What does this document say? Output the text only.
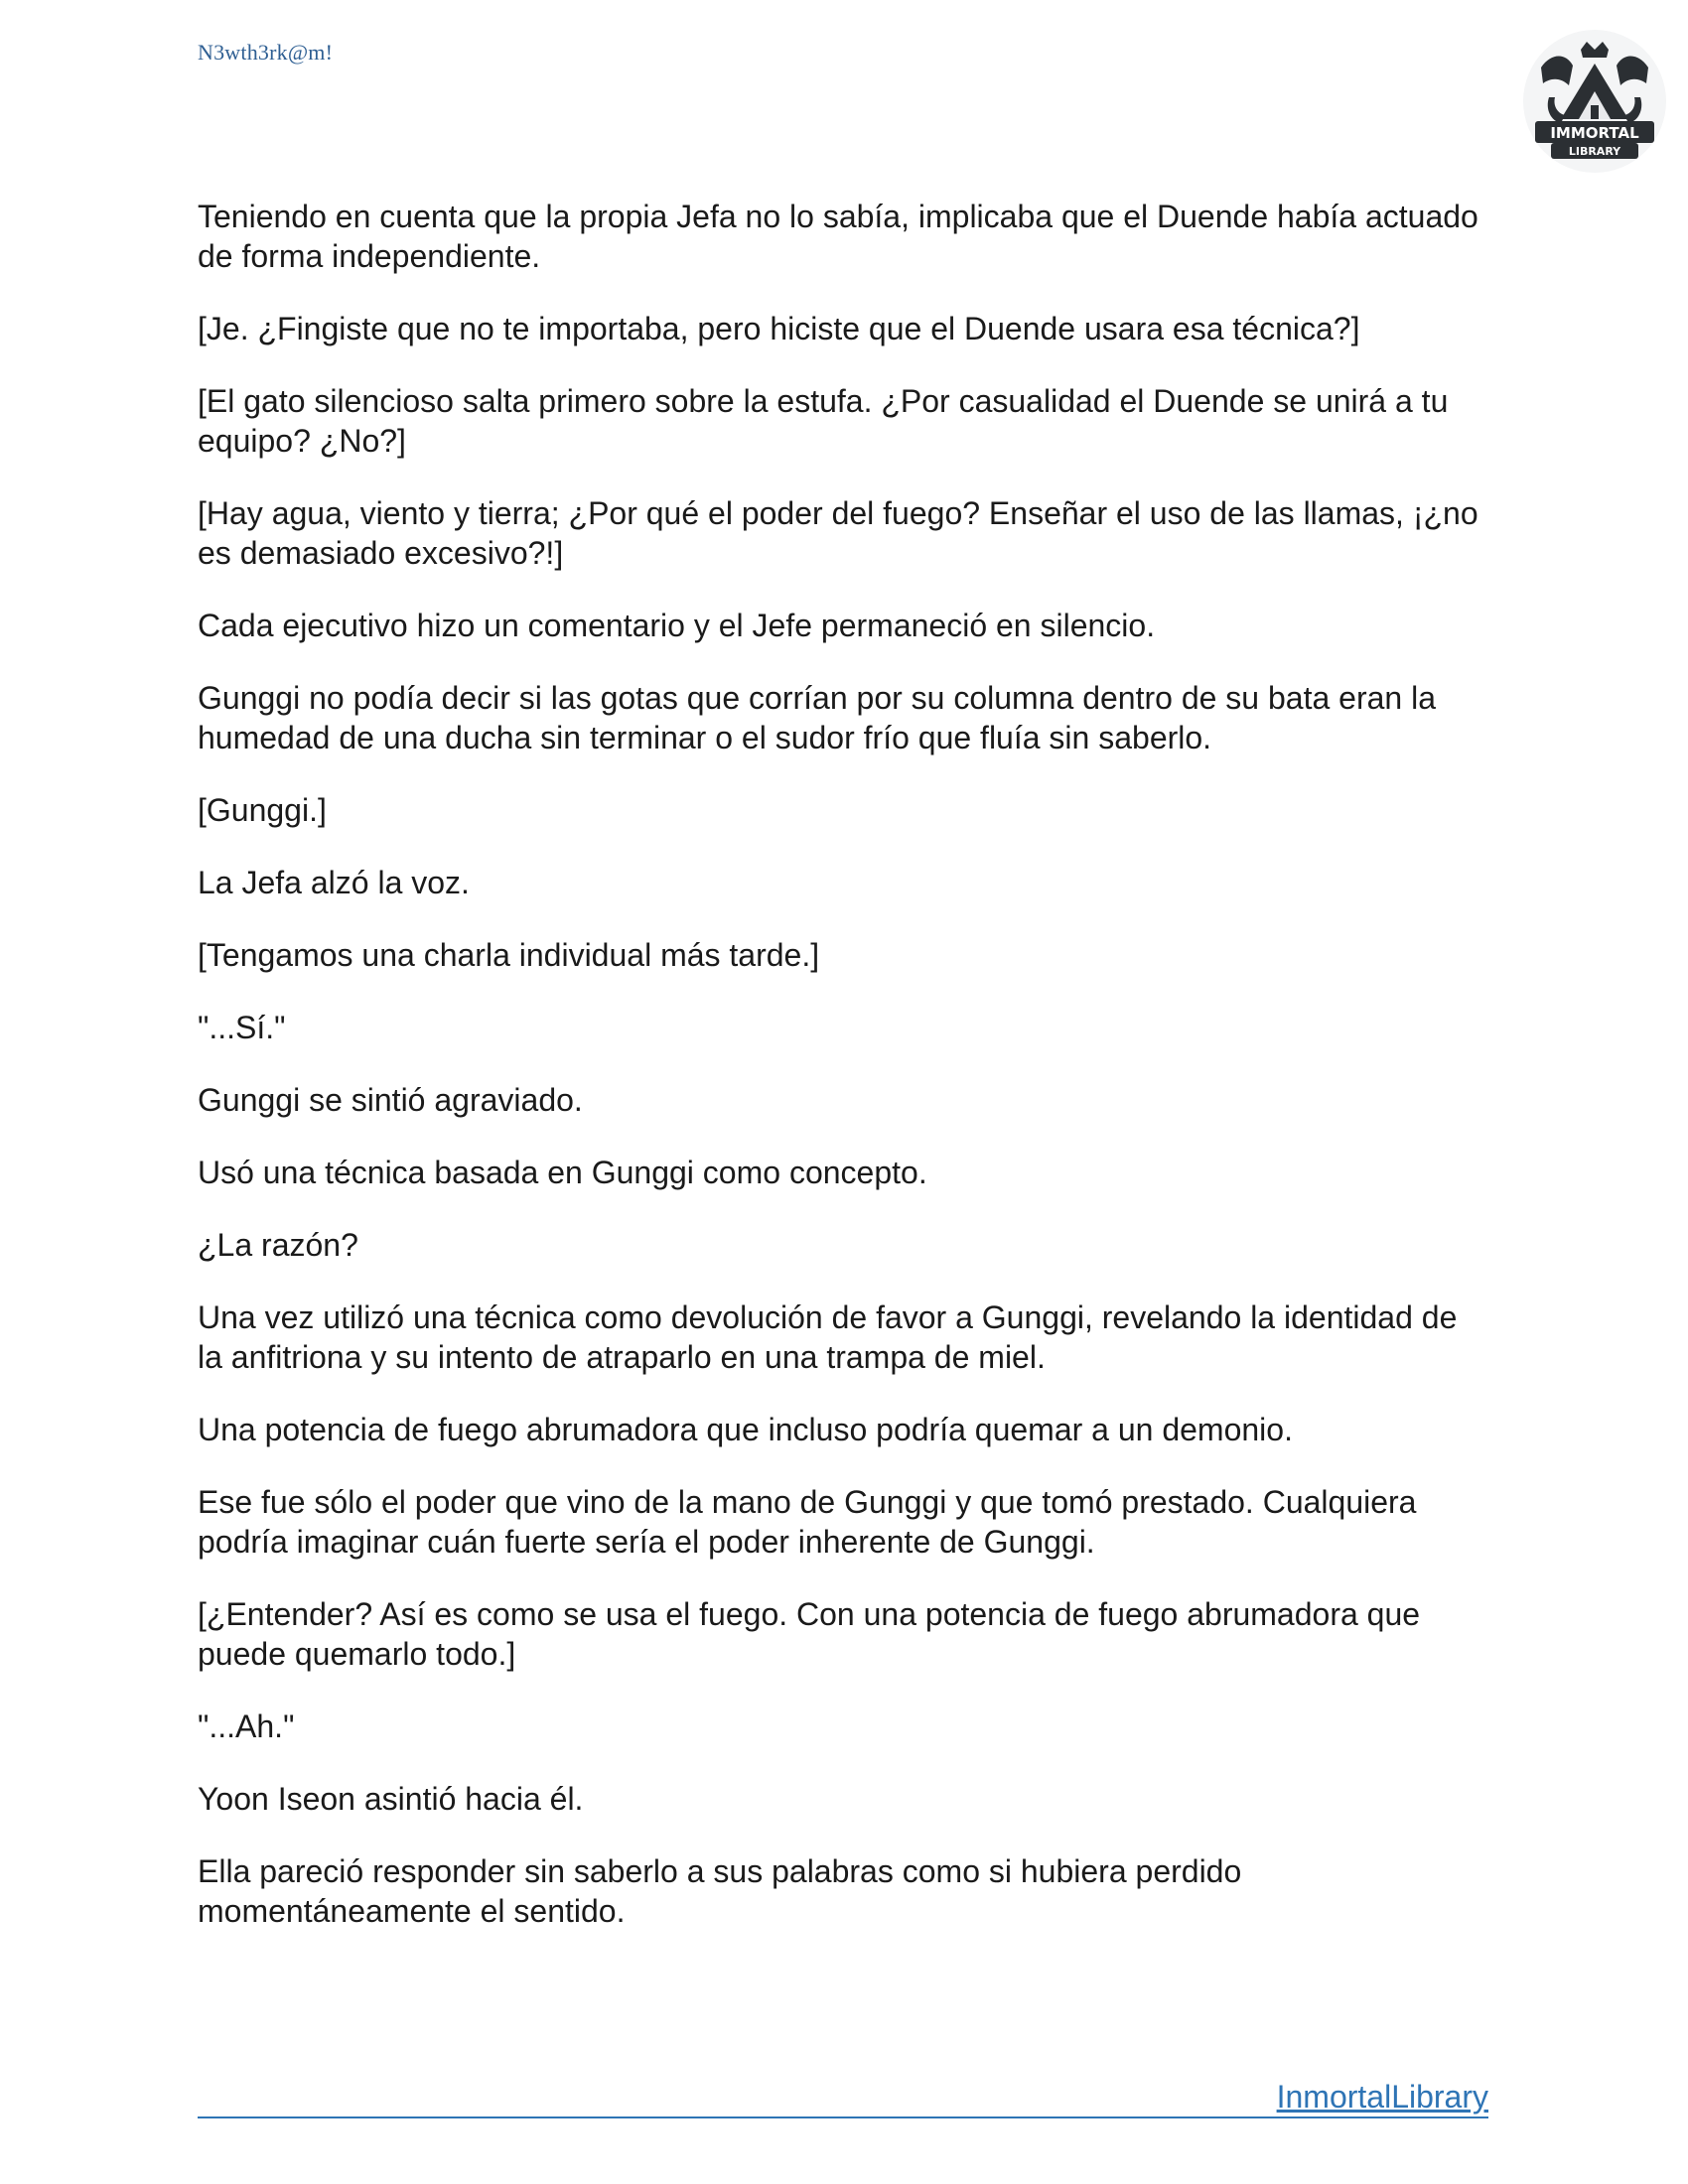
N3wth3rk@m!
IMMORTAL
LIBRARY

Teniendo en cuenta que la propia Jefa no lo sabía, implicaba que el Duende había actuado de forma independiente.

[Je. ¿Fingiste que no te importaba, pero hiciste que el Duende usara esa técnica?]

[El gato silencioso salta primero sobre la estufa. ¿Por casualidad el Duende se unirá a tu equipo? ¿No?]

[Hay agua, viento y tierra; ¿Por qué el poder del fuego? Enseñar el uso de las llamas, ¡¿no es demasiado excesivo?!]

Cada ejecutivo hizo un comentario y el Jefe permaneció en silencio.

Gunggi no podía decir si las gotas que corrían por su columna dentro de su bata eran la humedad de una ducha sin terminar o el sudor frío que fluía sin saberlo.

[Gunggi.]

La Jefa alzó la voz.

[Tengamos una charla individual más tarde.]

"...Sí."

Gunggi se sintió agraviado.

Usó una técnica basada en Gunggi como concepto.

¿La razón?

Una vez utilizó una técnica como devolución de favor a Gunggi, revelando la identidad de la anfitriona y su intento de atraparlo en una trampa de miel.

Una potencia de fuego abrumadora que incluso podría quemar a un demonio.

Ese fue sólo el poder que vino de la mano de Gunggi y que tomó prestado. Cualquiera podría imaginar cuán fuerte sería el poder inherente de Gunggi.

[¿Entender? Así es como se usa el fuego. Con una potencia de fuego abrumadora que puede quemarlo todo.]

"...Ah."

Yoon Iseon asintió hacia él.

Ella pareció responder sin saberlo a sus palabras como si hubiera perdido momentáneamente el sentido.

InmortalLibrary
